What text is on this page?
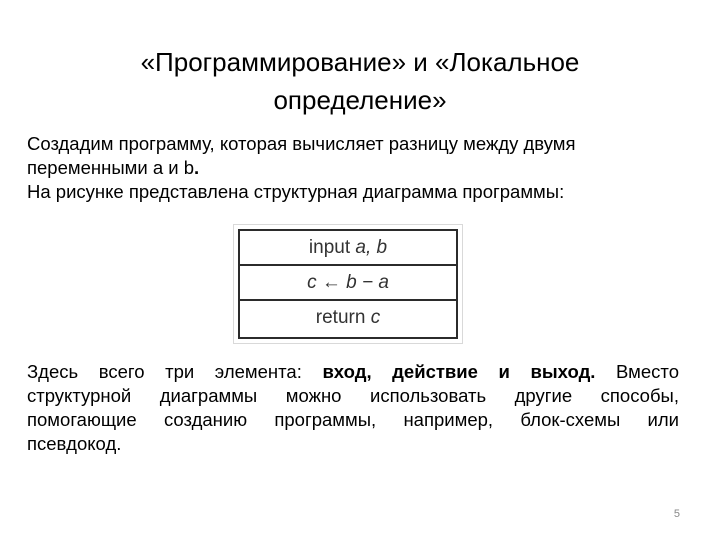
«Программирование» и «Локальное
определение»

Создадим программу, которая вычисляет разницу между двумя

переменными a и b.

На рисунке представлена структурная диаграмма программы:

input a, b
c ← b − a
return c
Здесь всего три элемента: вход, действие и выход. Вместо структурной диаграммы можно использовать другие способы, помогающие созданию программы, например, блок-схемы или псевдокод.
5
